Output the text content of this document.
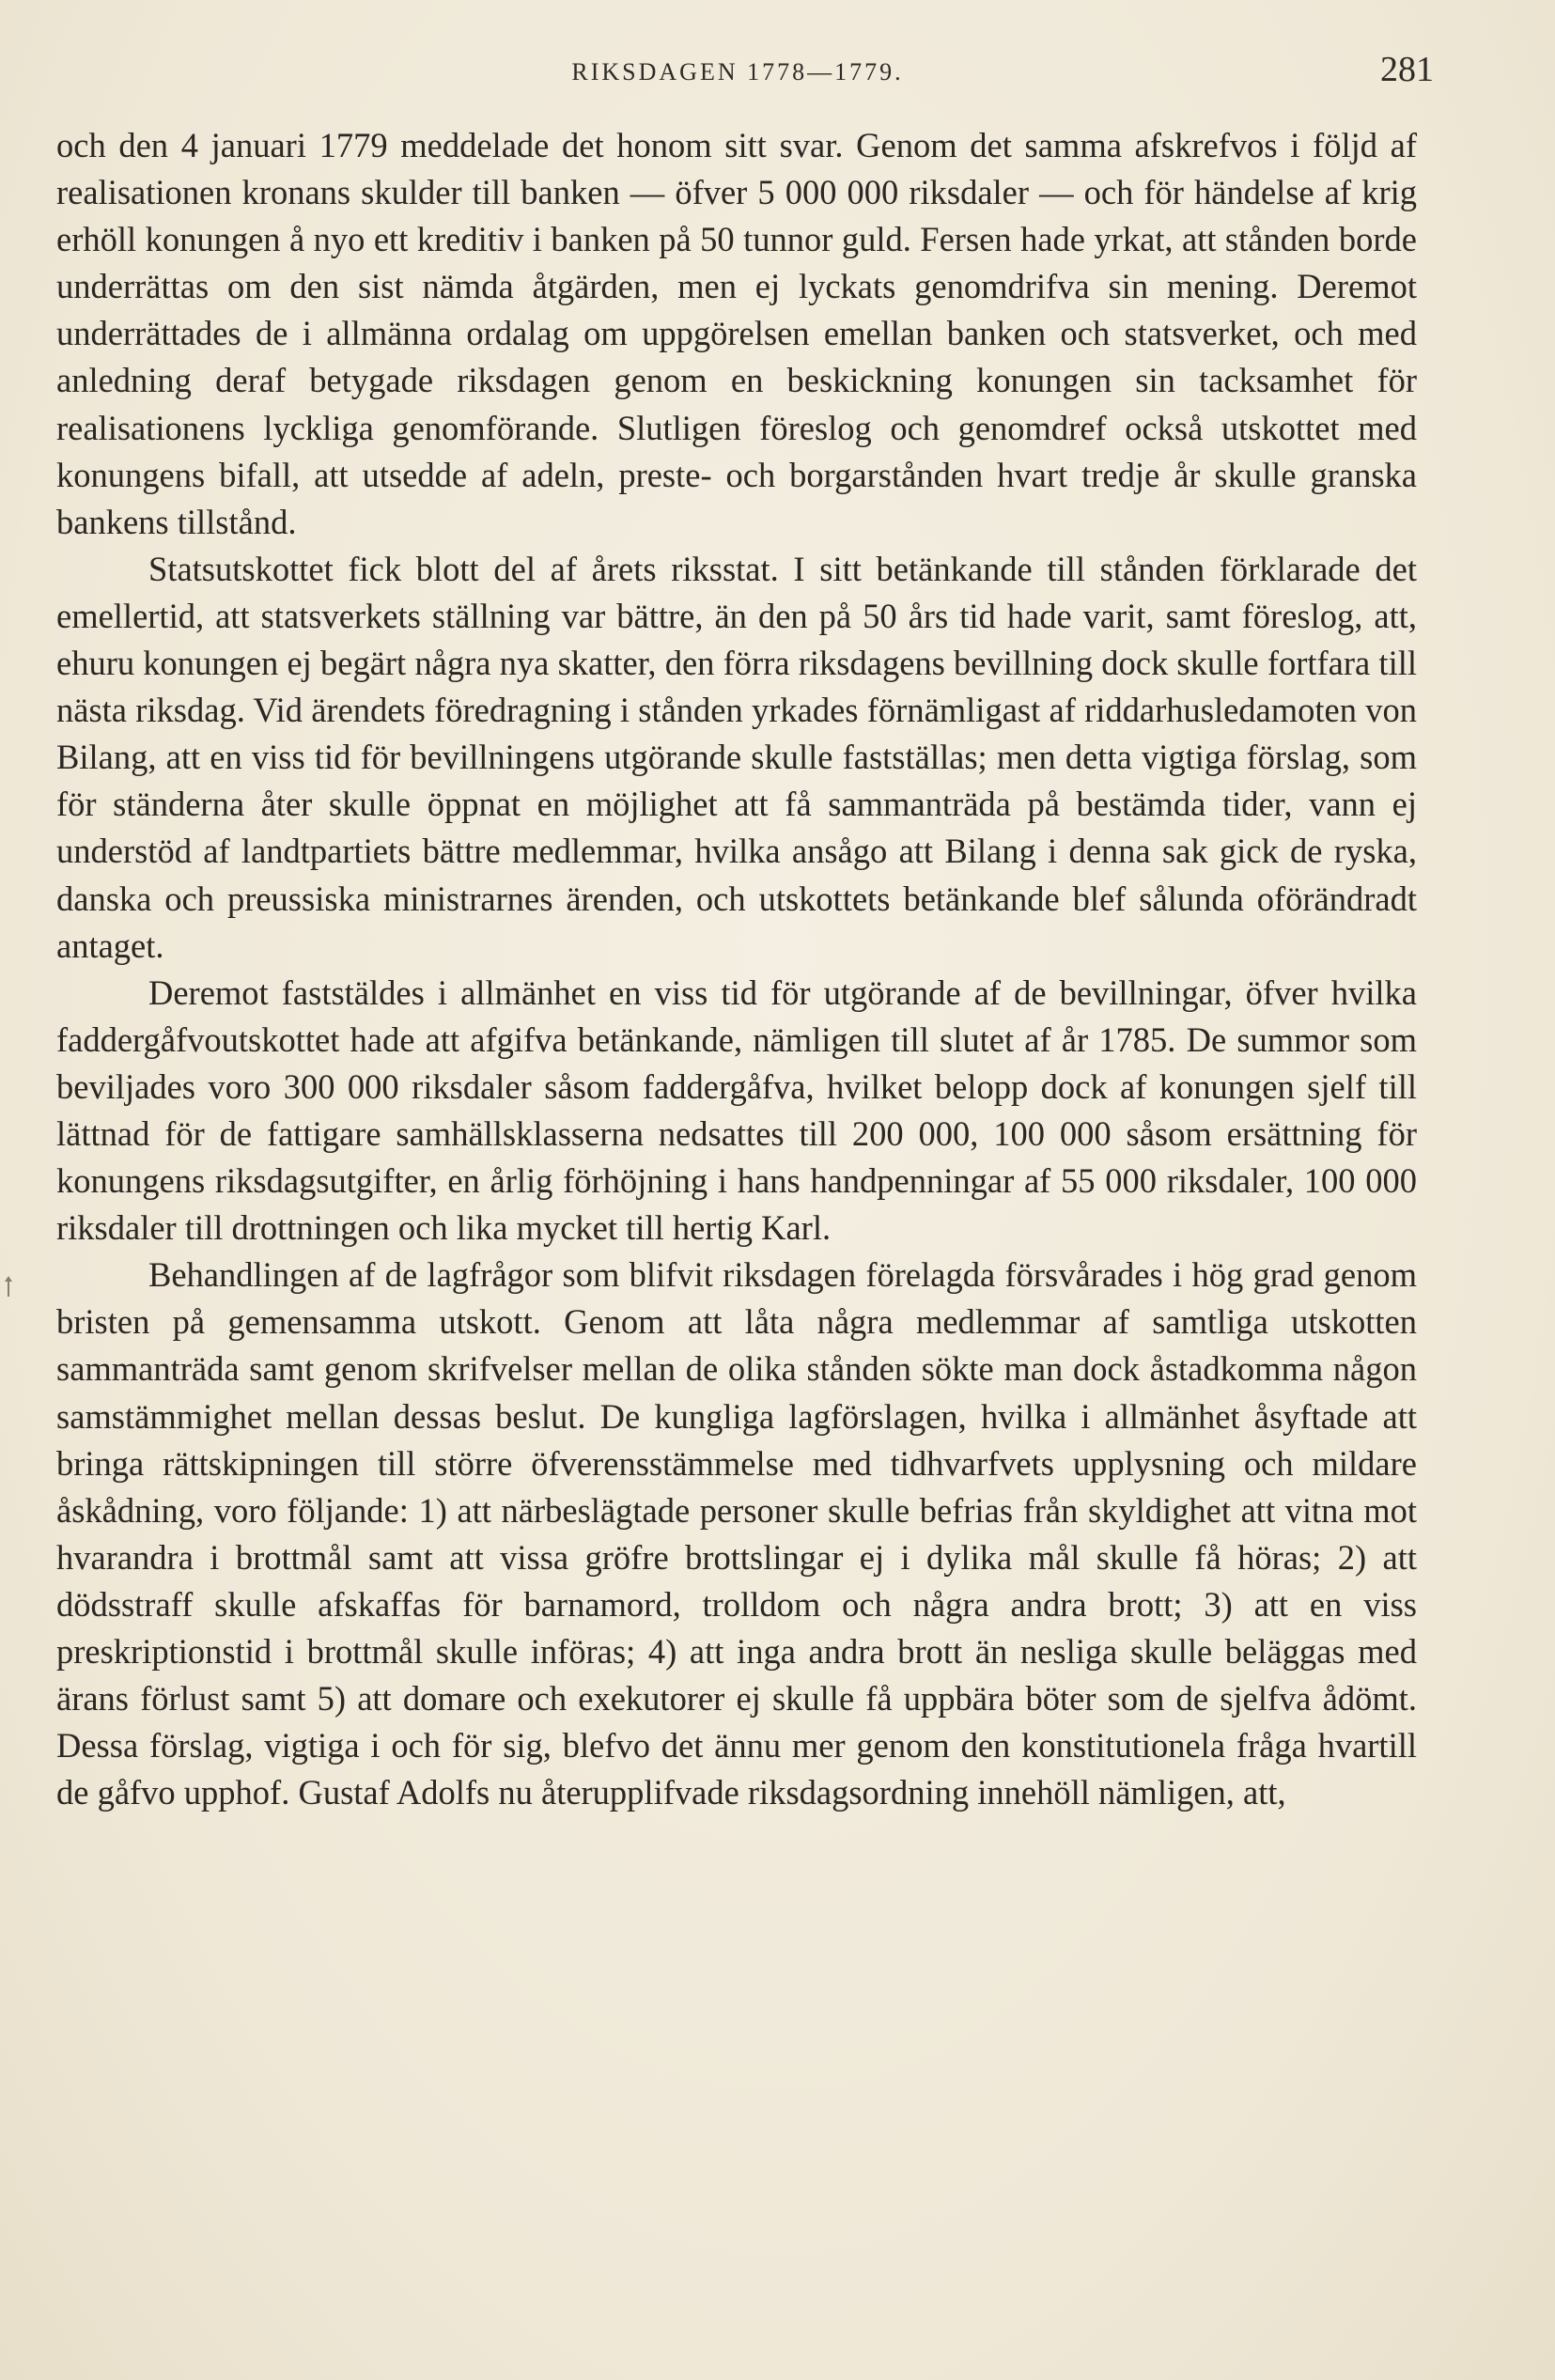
RIKSDAGEN 1778—1779.	281

och den 4 januari 1779 meddelade det honom sitt svar. Genom det samma afskrefvos i följd af realisationen kronans skulder till banken — öfver 5 000 000 riksdaler — och för händelse af krig erhöll konungen å nyo ett kreditiv i banken på 50 tunnor guld. Fersen hade yrkat, att stånden borde underrättas om den sist nämda åtgärden, men ej lyckats genomdrifva sin mening. Deremot underrättades de i allmänna ordalag om uppgörelsen emellan banken och statsverket, och med anledning deraf betygade riksdagen genom en beskickning konungen sin tacksamhet för realisationens lyckliga genomförande. Slutligen föreslog och genomdref också utskottet med konungens bifall, att utsedde af adeln, preste- och borgarstånden hvart tredje år skulle granska bankens tillstånd.

Statsutskottet fick blott del af årets riksstat. I sitt betänkande till stånden förklarade det emellertid, att statsverkets ställning var bättre, än den på 50 års tid hade varit, samt föreslog, att, ehuru konungen ej begärt några nya skatter, den förra riksdagens bevillning dock skulle fortfara till nästa riksdag. Vid ärendets föredragning i stånden yrkades förnämligast af riddarhusledamoten von Bilang, att en viss tid för bevillningens utgörande skulle fastställas; men detta vigtiga förslag, som för ständerna åter skulle öppnat en möjlighet att få sammanträda på bestämda tider, vann ej understöd af landtpartiets bättre medlemmar, hvilka ansågo att Bilang i denna sak gick de ryska, danska och preussiska ministrarnes ärenden, och utskottets betänkande blef sålunda oförändradt antaget.

Deremot faststäldes i allmänhet en viss tid för utgörande af de bevillningar, öfver hvilka faddergåfvoutskottet hade att afgifva betänkande, nämligen till slutet af år 1785. De summor som beviljades voro 300 000 riksdaler såsom faddergåfva, hvilket belopp dock af konungen sjelf till lättnad för de fattigare samhällsklasserna nedsattes till 200 000, 100 000 såsom ersättning för konungens riksdagsutgifter, en årlig förhöjning i hans handpenningar af 55 000 riksdaler, 100 000 riksdaler till drottningen och lika mycket till hertig Karl.

Behandlingen af de lagfrågor som blifvit riksdagen förelagda försvårades i hög grad genom bristen på gemensamma utskott. Genom att låta några medlemmar af samtliga utskotten sammanträda samt genom skrifvelser mellan de olika stånden sökte man dock åstadkomma någon samstämmighet mellan dessas beslut. De kungliga lagförslagen, hvilka i allmänhet åsyftade att bringa rättskipningen till större öfverensstämmelse med tidhvarfvets upplysning och mildare åskådning, voro följande: 1) att närbeslägtade personer skulle befrias från skyldighet att vitna mot hvarandra i brottmål samt att vissa gröfre brottslingar ej i dylika mål skulle få höras; 2) att dödsstraff skulle afskaffas för barnamord, trolldom och några andra brott; 3) att en viss preskriptionstid i brottmål skulle införas; 4) att inga andra brott än nesliga skulle beläggas med ärans förlust samt 5) att domare och exekutorer ej skulle få uppbära böter som de sjelfva ådömt. Dessa förslag, vigtiga i och för sig, blefvo det ännu mer genom den konstitutionela fråga hvartill de gåfvo upphof. Gustaf Adolfs nu återupplifvade riksdagsordning innehöll nämligen, att,
